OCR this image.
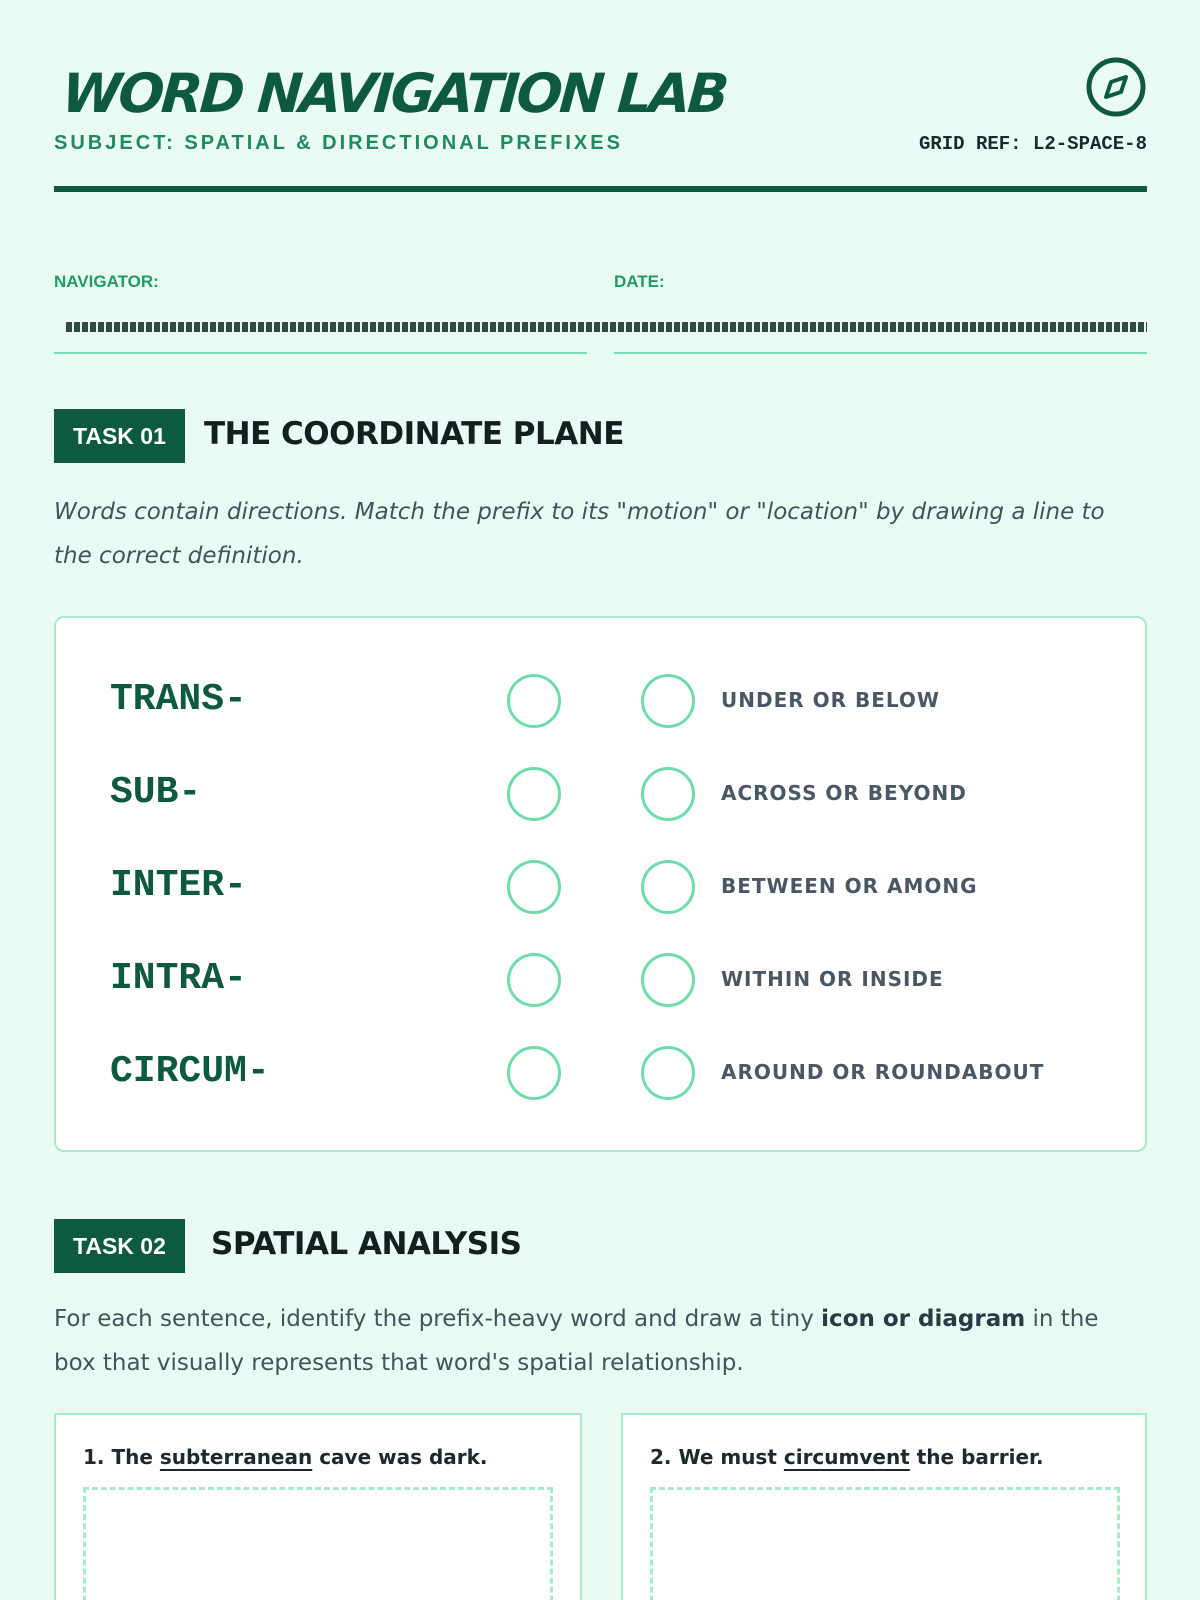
WORD NAVIGATION LAB
SUBJECT: SPATIAL & DIRECTIONAL PREFIXES	GRID REF: L2-SPACE-8
NAVIGATOR:	DATE:
TASK 01	THE COORDINATE PLANE
Words contain directions. Match the prefix to its "motion" or "location" by drawing a line to the correct definition.
TRANS-	UNDER OR BELOW
SUB-	ACROSS OR BEYOND
INTER-	BETWEEN OR AMONG
INTRA-	WITHIN OR INSIDE
CIRCUM-	AROUND OR ROUNDABOUT
TASK 02	SPATIAL ANALYSIS
For each sentence, identify the prefix-heavy word and draw a tiny icon or diagram in the box that visually represents that word's spatial relationship.
1. The subterranean cave was dark.	2. We must circumvent the barrier.
